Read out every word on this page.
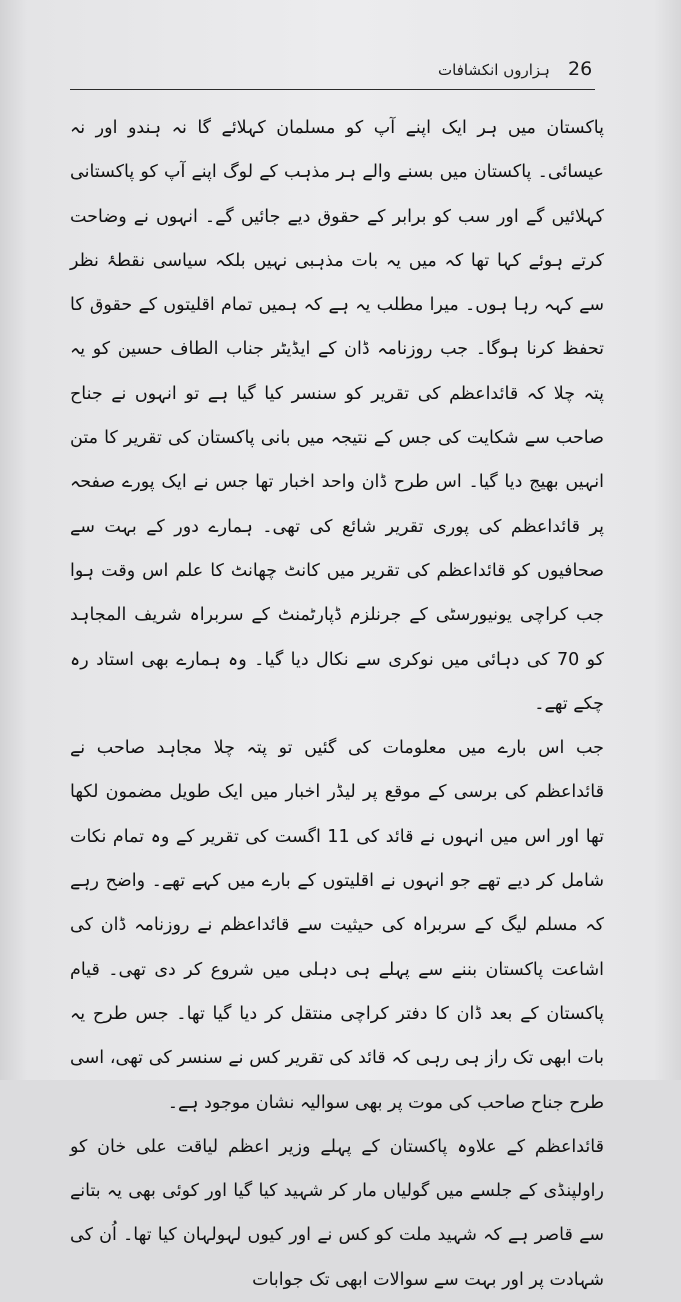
ہزاروں انکشافات 26

پاکستان میں ہر ایک اپنے آپ کو مسلمان کہلائے گا نہ ہندو اور نہ عیسائی۔ پاکستان میں بسنے والے ہر مذہب کے لوگ اپنے آپ کو پاکستانی کہلائیں گے اور سب کو برابر کے حقوق دیے جائیں گے۔ انہوں نے وضاحت کرتے ہوئے کہا تھا کہ میں یہ بات مذہبی نہیں بلکہ سیاسی نقطۂ نظر سے کہہ رہا ہوں۔ میرا مطلب یہ ہے کہ ہمیں تمام اقلیتوں کے حقوق کا تحفظ کرنا ہوگا۔ جب روزنامہ ڈان کے ایڈیٹر جناب الطاف حسین کو یہ پتہ چلا کہ قائداعظم کی تقریر کو سنسر کیا گیا ہے تو انہوں نے جناح صاحب سے شکایت کی جس کے نتیجہ میں بانی پاکستان کی تقریر کا متن انہیں بھیج دیا گیا۔ اس طرح ڈان واحد اخبار تھا جس نے ایک پورے صفحہ پر قائداعظم کی پوری تقریر شائع کی تھی۔ ہمارے دور کے بہت سے صحافیوں کو قائداعظم کی تقریر میں کانٹ چھانٹ کا علم اس وقت ہوا جب کراچی یونیورسٹی کے جرنلزم ڈپارٹمنٹ کے سربراہ شریف المجاہد کو 70 کی دہائی میں نوکری سے نکال دیا گیا۔ وہ ہمارے بھی استاد رہ چکے تھے۔

جب اس بارے میں معلومات کی گئیں تو پتہ چلا مجاہد صاحب نے قائداعظم کی برسی کے موقع پر لیڈر اخبار میں ایک طویل مضمون لکھا تھا اور اس میں انہوں نے قائد کی 11 اگست کی تقریر کے وہ تمام نکات شامل کر دیے تھے جو انہوں نے اقلیتوں کے بارے میں کہے تھے۔ واضح رہے کہ مسلم لیگ کے سربراہ کی حیثیت سے قائداعظم نے روزنامہ ڈان کی اشاعت پاکستان بننے سے پہلے ہی دہلی میں شروع کر دی تھی۔ قیام پاکستان کے بعد ڈان کا دفتر کراچی منتقل کر دیا گیا تھا۔ جس طرح یہ بات ابھی تک راز ہی رہی کہ قائد کی تقریر کس نے سنسر کی تھی، اسی طرح جناح صاحب کی موت پر بھی سوالیہ نشان موجود ہے۔

قائداعظم کے علاوہ پاکستان کے پہلے وزیر اعظم لیاقت علی خان کو راولپنڈی کے جلسے میں گولیاں مار کر شہید کیا گیا اور کوئی بھی یہ بتانے سے قاصر ہے کہ شہید ملت کو کس نے اور کیوں لہولہان کیا تھا۔ اُن کی شہادت پر اور بہت سے سوالات ابھی تک جوابات
